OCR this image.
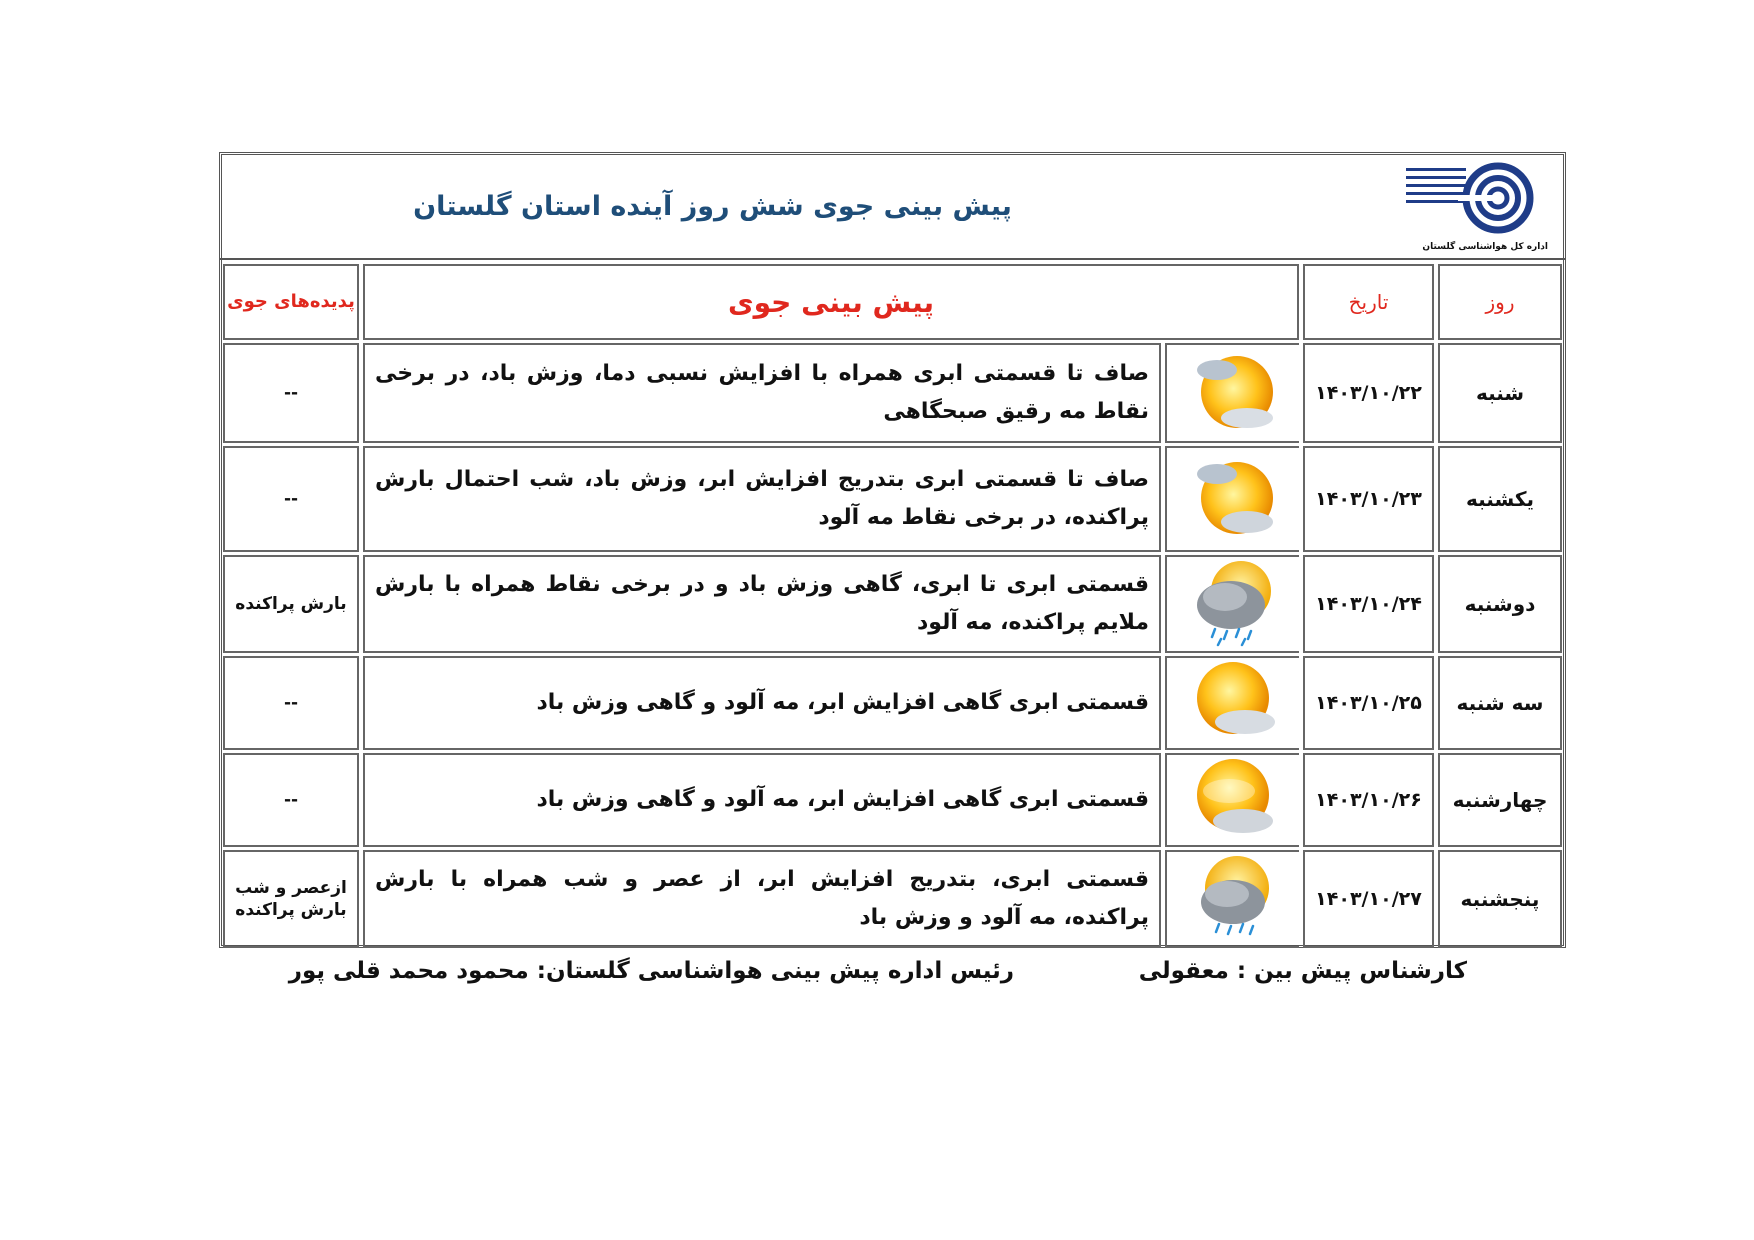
پیش بینی جوی شش روز آینده استان گلستان
اداره کل هواشناسی گلستان
روز	تاریخ	پیش بینی جوی		پدیده‌های جوی
شنبه	۱۴۰۳/۱۰/۲۲		صاف تا قسمتی ابری همراه با افزایش نسبی دما، وزش باد، در برخی نقاط مه رقیق صبحگاهی	--
یکشنبه	۱۴۰۳/۱۰/۲۳		صاف تا قسمتی ابری بتدریج افزایش ابر، وزش باد، شب احتمال بارش پراکنده، در برخی نقاط مه آلود	--
دوشنبه	۱۴۰۳/۱۰/۲۴		قسمتی ابری تا ابری، گاهی وزش باد و در برخی نقاط همراه با بارش ملایم پراکنده، مه آلود	بارش پراکنده
سه شنبه	۱۴۰۳/۱۰/۲۵		قسمتی ابری گاهی افزایش ابر، مه آلود و گاهی وزش باد	--
چهارشنبه	۱۴۰۳/۱۰/۲۶		قسمتی ابری گاهی افزایش ابر، مه آلود و گاهی وزش باد	--
پنجشنبه	۱۴۰۳/۱۰/۲۷		قسمتی ابری، بتدریج افزایش ابر، از عصر و شب همراه با بارش پراکنده، مه آلود و وزش باد	ازعصر و شب بارش پراکنده
کارشناس پیش بین : معقولی
رئیس اداره پیش بینی هواشناسی گلستان: محمود محمد قلی پور
